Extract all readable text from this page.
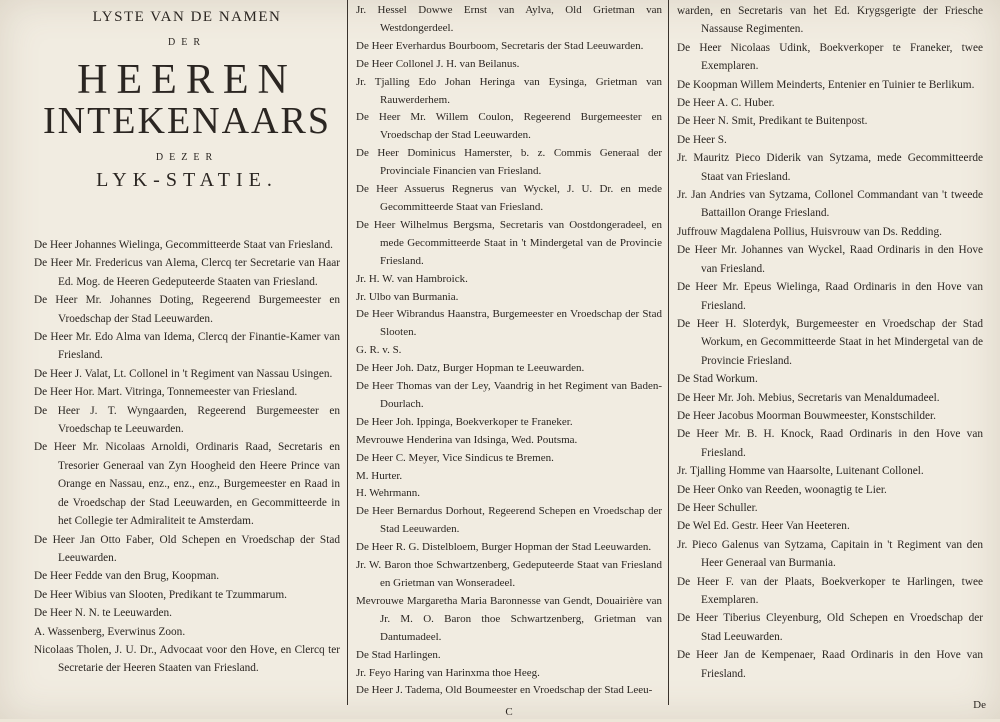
LYSTE VAN DE NAMEN
DER
HEEREN
INTEKENAARS
DEZER
LYK-STATIE.
De Heer Johannes Wielinga, Gecommitteerde Staat van Friesland.
De Heer Mr. Fredericus van Alema, Clercq ter Secretarie van Haar Ed. Mog. de Heeren Gedeputeerde Staaten van Friesland.
De Heer Mr. Johannes Doting, Regeerend Burgemeester en Vroedschap der Stad Leeuwarden.
De Heer Mr. Edo Alma van Idema, Clercq der Finantie-Kamer van Friesland.
De Heer J. Valat, Lt. Collonel in 't Regiment van Nassau Usingen.
De Heer Hor. Mart. Vitringa, Tonnemeester van Friesland.
De Heer J. T. Wyngaarden, Regeerend Burgemeester en Vroedschap te Leeuwarden.
De Heer Mr. Nicolaas Arnoldi, Ordinaris Raad, Secretaris en Tresorier Generaal van Zyn Hoogheid den Heere Prince van Orange en Nassau, enz., enz., enz., Burgemeester en Raad in de Vroedschap der Stad Leeuwarden, en Gecommitteerde in het Collegie ter Admiraliteit te Amsterdam.
De Heer Jan Otto Faber, Old Schepen en Vroedschap der Stad Leeuwarden.
De Heer Fedde van den Brug, Koopman.
De Heer Wibius van Slooten, Predikant te Tzummarum.
De Heer N. N. te Leeuwarden.
A. Wassenberg, Everwinus Zoon.
Nicolaas Tholen, J. U. Dr., Advocaat voor den Hove, en Clercq ter Secretarie der Heeren Staaten van Friesland.
Jr. Hessel Dowwe Ernst van Aylva, Old Grietman van Westdongerdeel.
De Heer Everhardus Bourboom, Secretaris der Stad Leeuwarden.
De Heer Collonel J. H. van Beilanus.
Jr. Tjalling Edo Johan Heringa van Eysinga, Grietman van Rauwerderhem.
De Heer Mr. Willem Coulon, Regeerend Burgemeester en Vroedschap der Stad Leeuwarden.
De Heer Dominicus Hamerster, b. z. Commis Generaal der Provinciale Financien van Friesland.
De Heer Assuerus Regnerus van Wyckel, J. U. Dr. en mede Gecommitteerde Staat van Friesland.
De Heer Wilhelmus Bergsma, Secretaris van Oostdongeradeel, en mede Gecommitteerde Staat in 't Mindergetal van de Provincie Friesland.
Jr. H. W. van Hambroick.
Jr. Ulbo van Burmania.
De Heer Wibrandus Haanstra, Burgemeester en Vroedschap der Stad Slooten.
G. R. v. S.
De Heer Joh. Datz, Burger Hopman te Leeuwarden.
De Heer Thomas van der Ley, Vaandrig in het Regiment van Baden-Dourlach.
De Heer Joh. Ippinga, Boekverkoper te Franeker.
Mevrouwe Henderina van Idsinga, Wed. Poutsma.
De Heer C. Meyer, Vice Sindicus te Bremen.
M. Hurter.
H. Wehrmann.
De Heer Bernardus Dorhout, Regeerend Schepen en Vroedschap der Stad Leeuwarden.
De Heer R. G. Distelbloem, Burger Hopman der Stad Leeuwarden.
Jr. W. Baron thoe Schwartzenberg, Gedeputeerde Staat van Friesland en Grietman van Wonseradeel.
Mevrouwe Margaretha Maria Baronnesse van Gendt, Douairière van Jr. M. O. Baron thoe Schwartzenberg, Grietman van Dantumadeel.
De Stad Harlingen.
Jr. Feyo Haring van Harinxma thoe Heeg.
De Heer J. Tadema, Old Boumeester en Vroedschap der Stad Leeu-
C
warden, en Secretaris van het Ed. Krygsgerigte der Friesche Nassause Regimenten.
De Heer Nicolaas Udink, Boekverkoper te Franeker, twee Exemplaren.
De Koopman Willem Meinderts, Entenier en Tuinier te Berlikum.
De Heer A. C. Huber.
De Heer N. Smit, Predikant te Buitenpost.
De Heer S.
Jr. Mauritz Pieco Diderik van Sytzama, mede Gecommitteerde Staat van Friesland.
Jr. Jan Andries van Sytzama, Collonel Commandant van 't tweede Battaillon Orange Friesland.
Juffrouw Magdalena Pollius, Huisvrouw van Ds. Redding.
De Heer Mr. Johannes van Wyckel, Raad Ordinaris in den Hove van Friesland.
De Heer Mr. Epeus Wielinga, Raad Ordinaris in den Hove van Friesland.
De Heer H. Sloterdyk, Burgemeester en Vroedschap der Stad Workum, en Gecommitteerde Staat in het Mindergetal van de Provincie Friesland.
De Stad Workum.
De Heer Mr. Joh. Mebius, Secretaris van Menaldumadeel.
De Heer Jacobus Moorman Bouwmeester, Konstschilder.
De Heer Mr. B. H. Knock, Raad Ordinaris in den Hove van Friesland.
Jr. Tjalling Homme van Haarsolte, Luitenant Collonel.
De Heer Onko van Reeden, woonagtig te Lier.
De Heer Schuller.
De Wel Ed. Gestr. Heer Van Heeteren.
Jr. Pieco Galenus van Sytzama, Capitain in 't Regiment van den Heer Generaal van Burmania.
De Heer F. van der Plaats, Boekverkoper te Harlingen, twee Exemplaren.
De Heer Tiberius Cleyenburg, Old Schepen en Vroedschap der Stad Leeuwarden.
De Heer Jan de Kempenaer, Raad Ordinaris in den Hove van Friesland.
De
